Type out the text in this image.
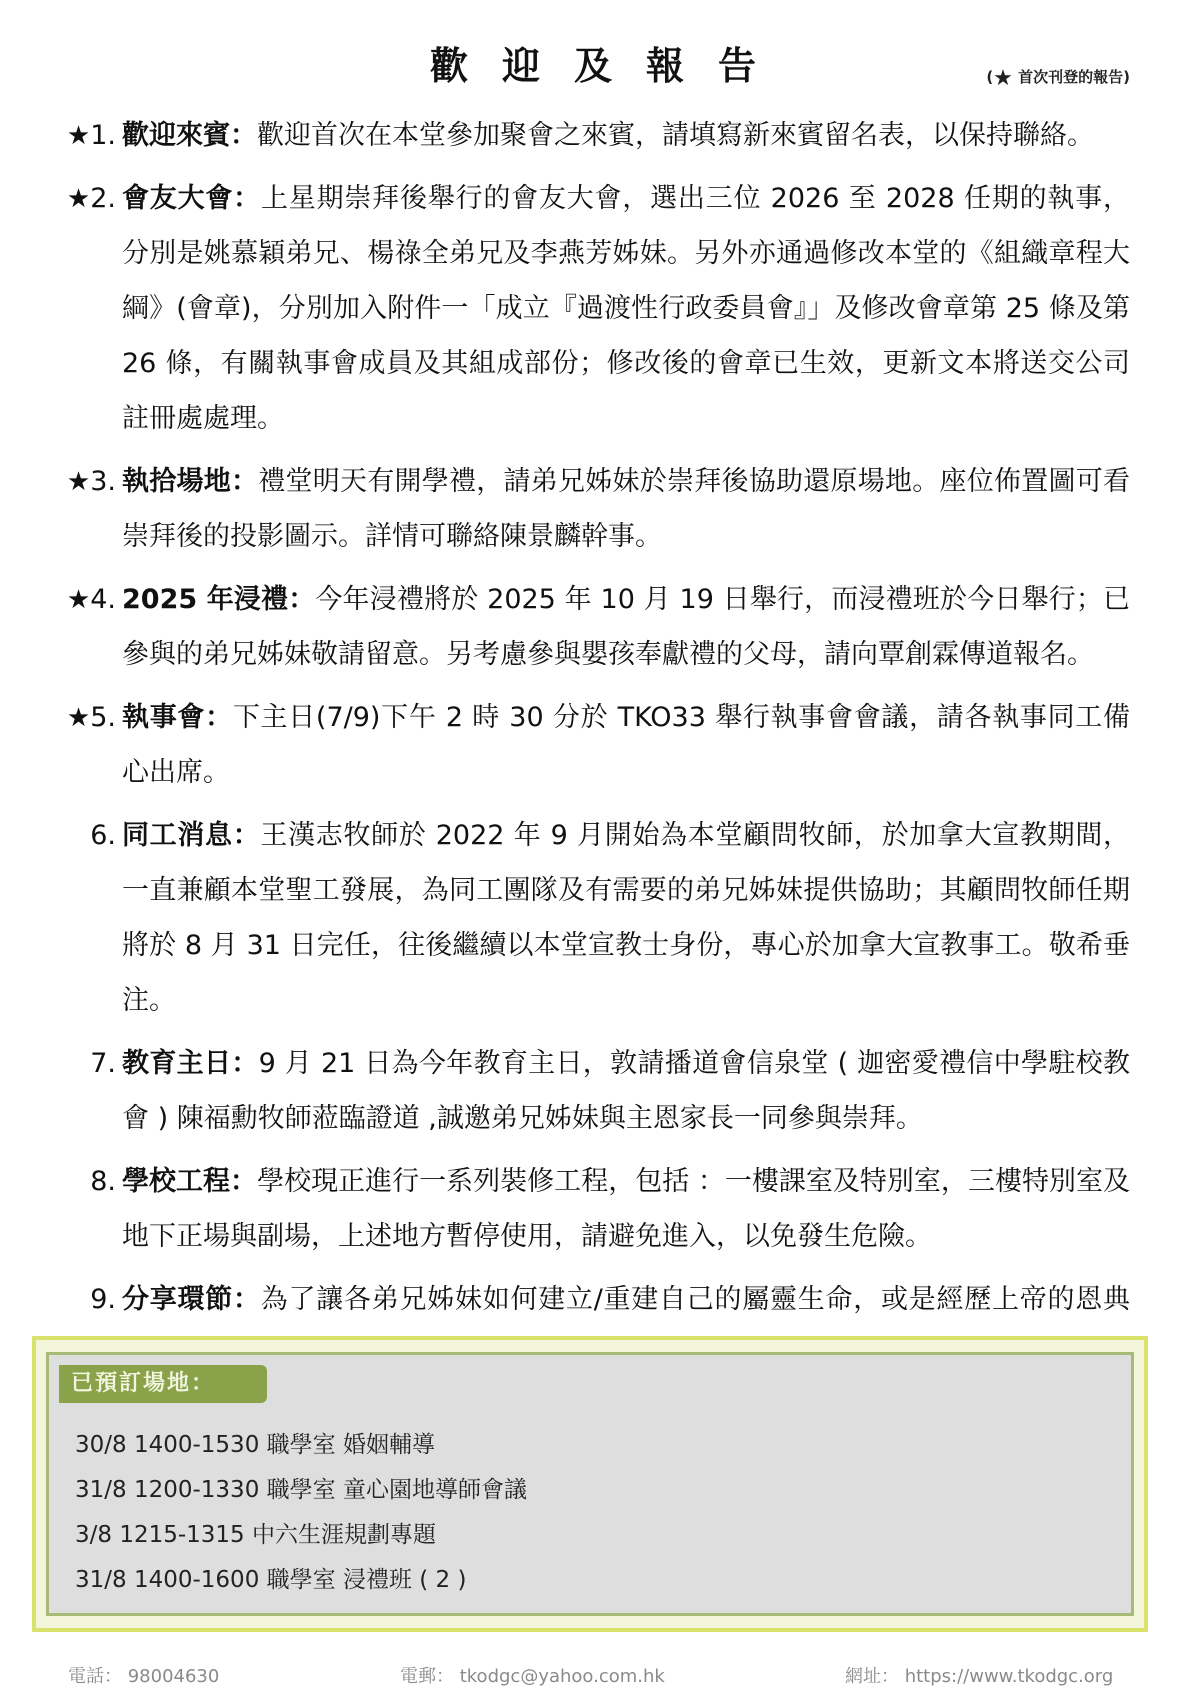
歡迎及報告	(★ 首次刊登的報告)
★1. 歡迎來賓：歡迎首次在本堂參加聚會之來賓，請填寫新來賓留名表，以保持聯絡。
★2. 會友大會：上星期崇拜後舉行的會友大會，選出三位 2026 至 2028 任期的執事，分別是姚慕穎弟兄、楊祿全弟兄及李燕芳姊妹。另外亦通過修改本堂的《組織章程大綱》(會章)，分別加入附件一「成立『過渡性行政委員會』」及修改會章第 25 條及第 26 條，有關執事會成員及其組成部份；修改後的會章已生效，更新文本將送交公司註冊處處理。
★3. 執拾場地：禮堂明天有開學禮，請弟兄姊妹於崇拜後協助還原場地。座位佈置圖可看崇拜後的投影圖示。詳情可聯絡陳景麟幹事。
★4. 2025 年浸禮：今年浸禮將於 2025 年 10 月 19 日舉行，而浸禮班於今日舉行；已參與的弟兄姊妹敬請留意。另考慮參與嬰孩奉獻禮的父母，請向覃創霖傳道報名。
★5. 執事會：下主日(7/9)下午 2 時 30 分於 TKO33 舉行執事會會議，請各執事同工備心出席。
6. 同工消息：王漢志牧師於 2022 年 9 月開始為本堂顧問牧師，於加拿大宣教期間，一直兼顧本堂聖工發展，為同工團隊及有需要的弟兄姊妹提供協助；其顧問牧師任期將於 8 月 31 日完任，往後繼續以本堂宣教士身份，專心於加拿大宣教事工。敬希垂注。
7. 教育主日：9 月 21 日為今年教育主日，敦請播道會信泉堂 ( 迦密愛禮信中學駐校教會 ) 陳福勳牧師蒞臨證道 ,誠邀弟兄姊妹與主恩家長一同參與崇拜。
8. 學校工程：學校現正進行一系列裝修工程，包括 ：一樓課室及特別室，三樓特別室及地下正場與副場，上述地方暫停使用，請避免進入，以免發生危險。
9. 分享環節：為了讓各弟兄姊妹如何建立/重建自己的屬靈生命，或是經歷上帝的恩典
已預訂場地：
30/8 1400-1530 職學室 婚姻輔導
31/8 1200-1330 職學室 童心園地導師會議
3/8 1215-1315 中六生涯規劃專題
31/8 1400-1600 職學室 浸禮班 ( 2 )
電話： 98004630	電郵： tkodgc@yahoo.com.hk	網址： https://www.tkodgc.org
